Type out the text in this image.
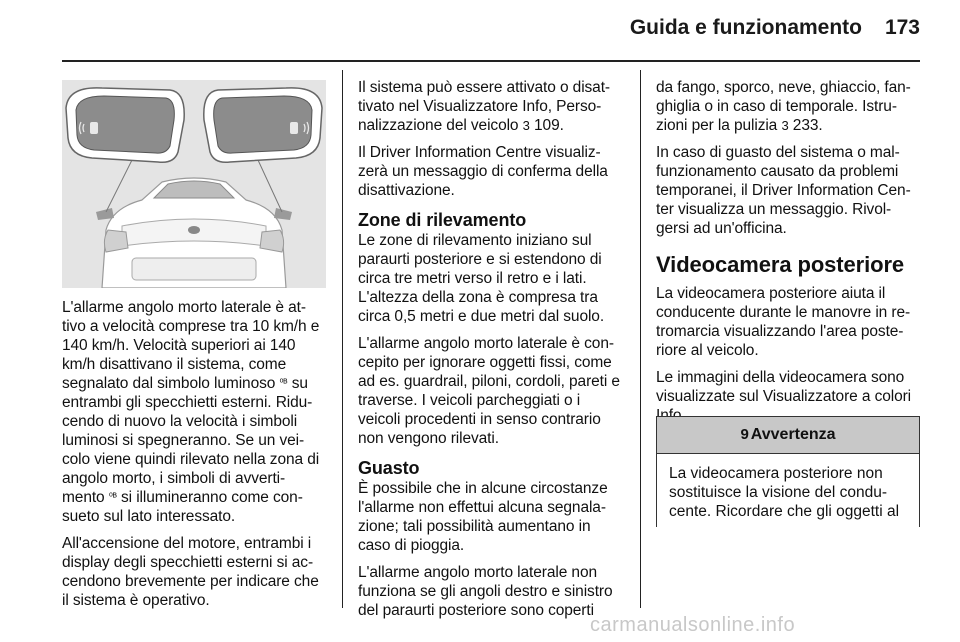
Guida e funzionamento	173

L'allarme angolo morto laterale è at-tivo a velocità comprese tra 10 km/h e 140 km/h. Velocità superiori ai 140 km/h disattivano il sistema, come segnalato dal simbolo luminoso ⁰ᴮ su entrambi gli specchietti esterni. Ridu-cendo di nuovo la velocità i simboli luminosi si spegneranno. Se un vei-colo viene quindi rilevato nella zona di angolo morto, i simboli di avverti-mento ⁰ᴮ si illumineranno come con-sueto sul lato interessato.

All'accensione del motore, entrambi i display degli specchietti esterni si ac-cendono brevemente per indicare che il sistema è operativo.

Il sistema può essere attivato o disat-tivato nel Visualizzatore Info, Perso-nalizzazione del veicolo 3 109.

Il Driver Information Centre visualiz-zerà un messaggio di conferma della disattivazione.

Zone di rilevamento

Le zone di rilevamento iniziano sul paraurti posteriore e si estendono di circa tre metri verso il retro e i lati. L'altezza della zona è compresa tra circa 0,5 metri e due metri dal suolo.

L'allarme angolo morto laterale è con-cepito per ignorare oggetti fissi, come ad es. guardrail, piloni, cordoli, pareti e traverse. I veicoli parcheggiati o i veicoli procedenti in senso contrario non vengono rilevati.

Guasto

È possibile che in alcune circostanze l'allarme non effettui alcuna segnala-zione; tali possibilità aumentano in caso di pioggia.

L'allarme angolo morto laterale non funziona se gli angoli destro e sinistro del paraurti posteriore sono coperti

da fango, sporco, neve, ghiaccio, fan-ghiglia o in caso di temporale. Istru-zioni per la pulizia 3 233.

In caso di guasto del sistema o mal-funzionamento causato da problemi temporanei, il Driver Information Cen-ter visualizza un messaggio. Rivol-gersi ad un'officina.

Videocamera posteriore

La videocamera posteriore aiuta il conducente durante le manovre in re-tromarcia visualizzando l'area poste-riore al veicolo.

Le immagini della videocamera sono visualizzate sul Visualizzatore a colori

9 Avvertenza
La videocamera posteriore non sostituisce la visione del condu-cente. Ricordare che gli oggetti al
carmanualsonline.info
